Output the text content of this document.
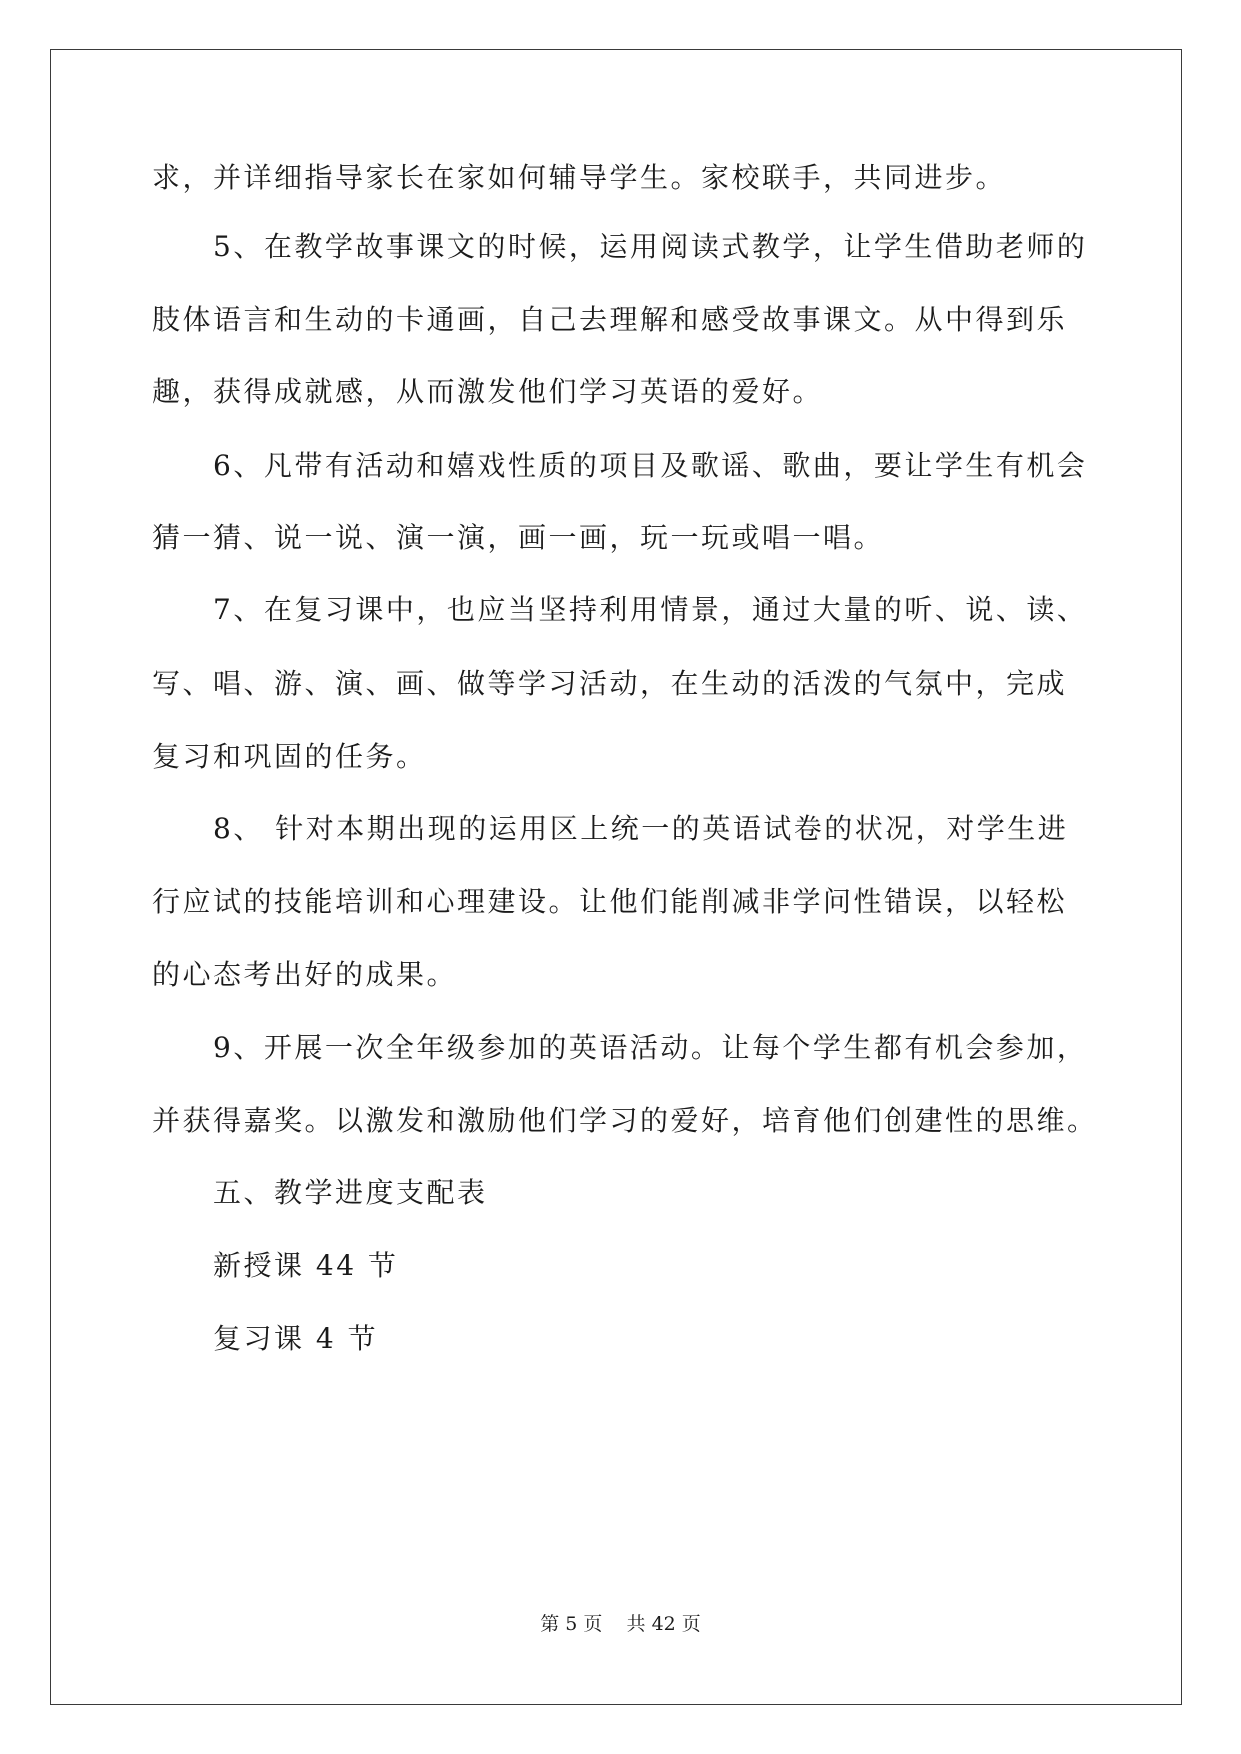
求，并详细指导家长在家如何辅导学生。家校联手，共同进步。
5、在教学故事课文的时候，运用阅读式教学，让学生借助老师的
肢体语言和生动的卡通画，自己去理解和感受故事课文。从中得到乐
趣，获得成就感，从而激发他们学习英语的爱好。
6、凡带有活动和嬉戏性质的项目及歌谣、歌曲，要让学生有机会
猜一猜、说一说、演一演，画一画，玩一玩或唱一唱。
7、在复习课中，也应当坚持利用情景，通过大量的听、说、读、
写、唱、游、演、画、做等学习活动，在生动的活泼的气氛中，完成
复习和巩固的任务。
8、 针对本期出现的运用区上统一的英语试卷的状况，对学生进
行应试的技能培训和心理建设。让他们能削减非学问性错误，以轻松
的心态考出好的成果。
9、开展一次全年级参加的英语活动。让每个学生都有机会参加，
并获得嘉奖。以激发和激励他们学习的爱好，培育他们创建性的思维。
五、教学进度支配表
新授课 44 节
复习课 4 节
第 5 页    共 42 页
